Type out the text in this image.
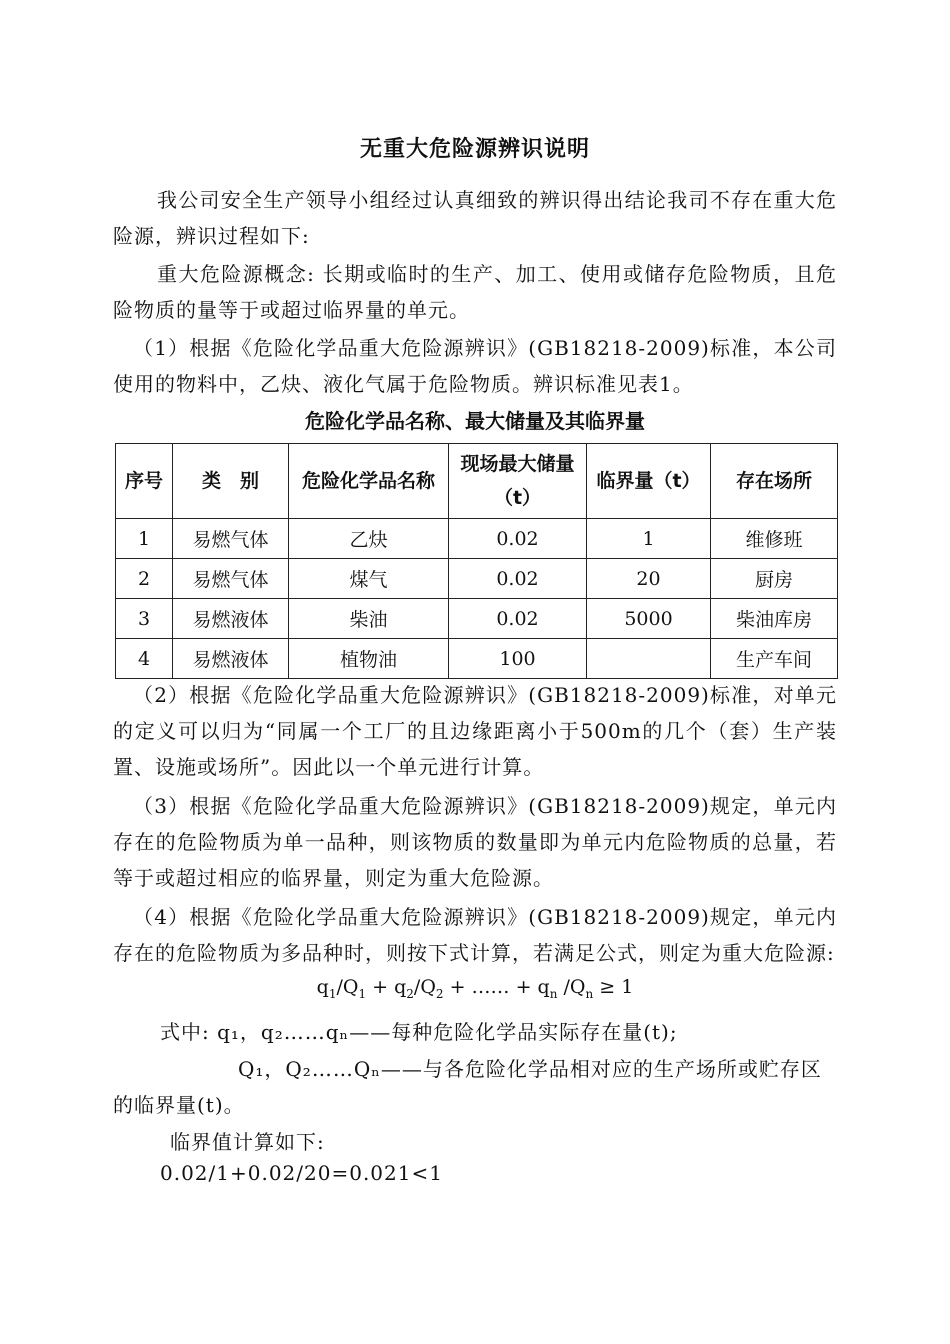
无重大危险源辨识说明
我公司安全生产领导小组经过认真细致的辨识得出结论我司不存在重大危险源，辨识过程如下:
重大危险源概念: 长期或临时的生产、加工、使用或储存危险物质，且危险物质的量等于或超过临界量的单元。
（1）根据《危险化学品重大危险源辨识》(GB18218-2009)标准，本公司使用的物料中，乙炔、液化气属于危险物质。辨识标准见表1。
危险化学品名称、最大储量及其临界量
序号	类　别	危险化学品名称	现场最大储量（t）	临界量（t）	存在场所
1	易燃气体	乙炔	0.02	1	维修班
2	易燃气体	煤气	0.02	20	厨房
3	易燃液体	柴油	0.02	5000	柴油库房
4	易燃液体	植物油	100		生产车间
（2）根据《危险化学品重大危险源辨识》(GB18218-2009)标准，对单元的定义可以归为“同属一个工厂的且边缘距离小于500m的几个（套）生产装置、设施或场所”。因此以一个单元进行计算。
（3）根据《危险化学品重大危险源辨识》(GB18218-2009)规定，单元内存在的危险物质为单一品种，则该物质的数量即为单元内危险物质的总量，若等于或超过相应的临界量，则定为重大危险源。
（4）根据《危险化学品重大危险源辨识》(GB18218-2009)规定，单元内存在的危险物质为多品种时，则按下式计算，若满足公式，则定为重大危险源:
$q_1/Q_1 + q_2/Q_2$ + …… + $q_n$ $/Q_n \ge 1$
式中: q₁，q₂……qₙ——每种危险化学品实际存在量(t);
Q₁，Q₂……Qₙ——与各危险化学品相对应的生产场所或贮存区
的临界量(t)。
临界值计算如下:
0.02/1+0.02/20=0.021<1
